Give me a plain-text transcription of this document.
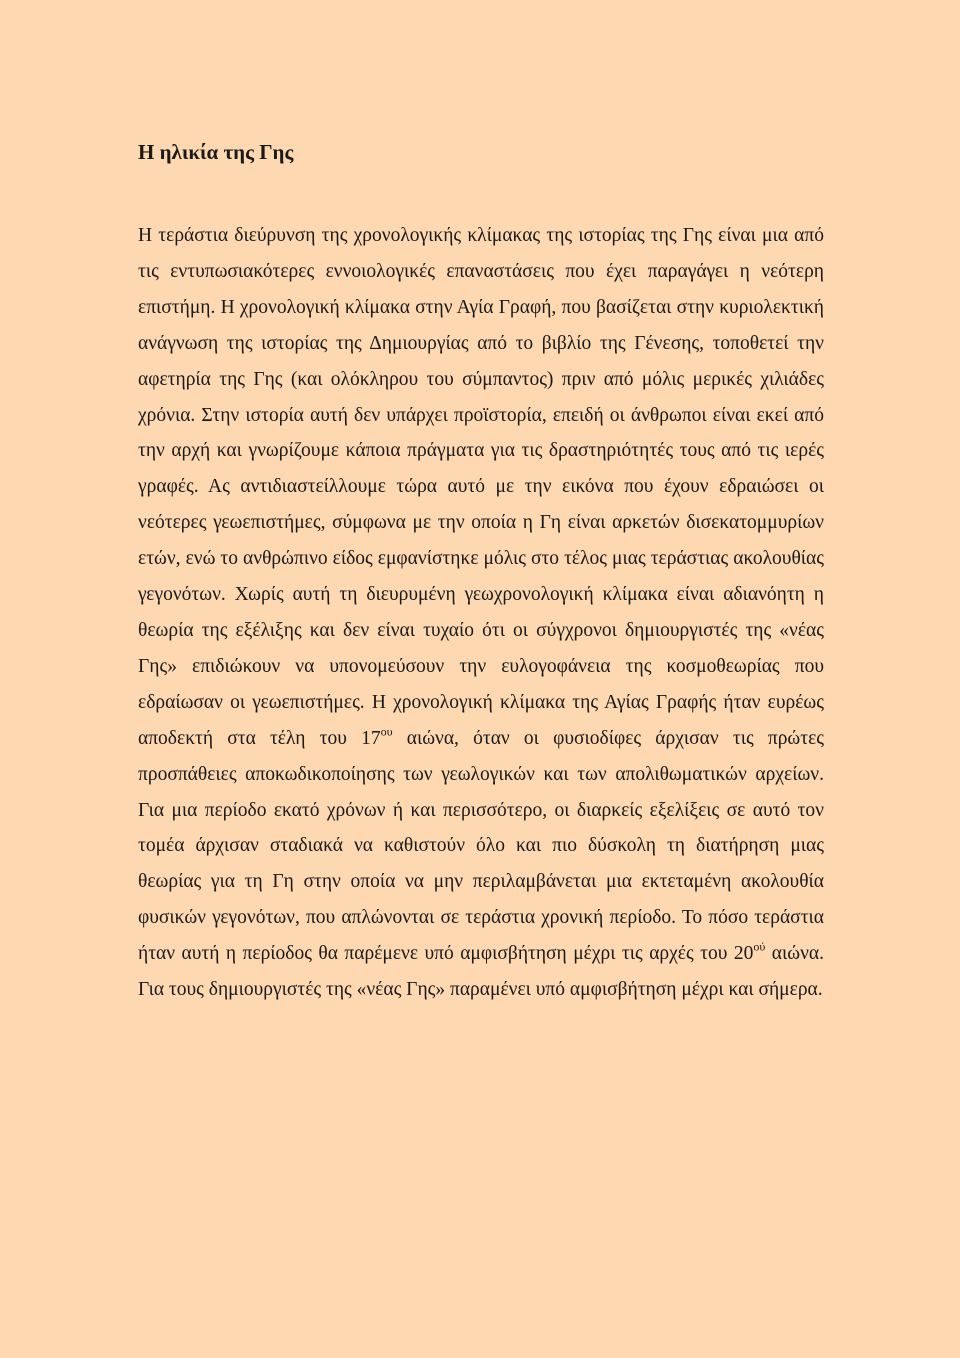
Η ηλικία της Γης

Η τεράστια διεύρυνση της χρονολογικής κλίμακας της ιστορίας της Γης είναι μια από τις εντυπωσιακότερες εννοιολογικές επαναστάσεις που έχει παραγάγει η νεότερη επιστήμη. Η χρονολογική κλίμακα στην Αγία Γραφή, που βασίζεται στην κυριολεκτική ανάγνωση της ιστορίας της Δημιουργίας από το βιβλίο της Γένεσης, τοποθετεί την αφετηρία της Γης (και ολόκληρου του σύμπαντος) πριν από μόλις μερικές χιλιάδες χρόνια. Στην ιστορία αυτή δεν υπάρχει προϊστορία, επειδή οι άνθρωποι είναι εκεί από την αρχή και γνωρίζουμε κάποια πράγματα για τις δραστηριότητές τους από τις ιερές γραφές. Ας αντιδιαστείλλουμε τώρα αυτό με την εικόνα που έχουν εδραιώσει οι νεότερες γεωεπιστήμες, σύμφωνα με την οποία η Γη είναι αρκετών δισεκατομμυρίων ετών, ενώ το ανθρώπινο είδος εμφανίστηκε μόλις στο τέλος μιας τεράστιας ακολουθίας γεγονότων. Χωρίς αυτή τη διευρυμένη γεωχρονολογική κλίμακα είναι αδιανόητη η θεωρία της εξέλιξης και δεν είναι τυχαίο ότι οι σύγχρονοι δημιουργιστές της «νέας Γης» επιδιώκουν να υπονομεύσουν την ευλογοφάνεια της κοσμοθεωρίας που εδραίωσαν οι γεωεπιστήμες. Η χρονολογική κλίμακα της Αγίας Γραφής ήταν ευρέως αποδεκτή στα τέλη του $17^{o\upsilon}$ αιώνα, όταν οι φυσιοδίφες άρχισαν τις πρώτες προσπάθειες αποκωδικοποίησης των γεωλογικών και των απολιθωματικών αρχείων. Για μια περίοδο εκατό χρόνων ή και περισσότερο, οι διαρκείς εξελίξεις σε αυτό τον τομέα άρχισαν σταδιακά να καθιστούν όλο και πιο δύσκολη τη διατήρηση μιας θεωρίας για τη Γη στην οποία να μην περιλαμβάνεται μια εκτεταμένη ακολουθία φυσικών γεγονότων, που απλώνονται σε τεράστια χρονική περίοδο. Το πόσο τεράστια ήταν αυτή η περίοδος θα παρέμενε υπό αμφισβήτηση μέχρι τις αρχές του $20^{oύ}$ αιώνα. Για τους δημιουργιστές της «νέας Γης» παραμένει υπό αμφισβήτηση μέχρι και σήμερα.
